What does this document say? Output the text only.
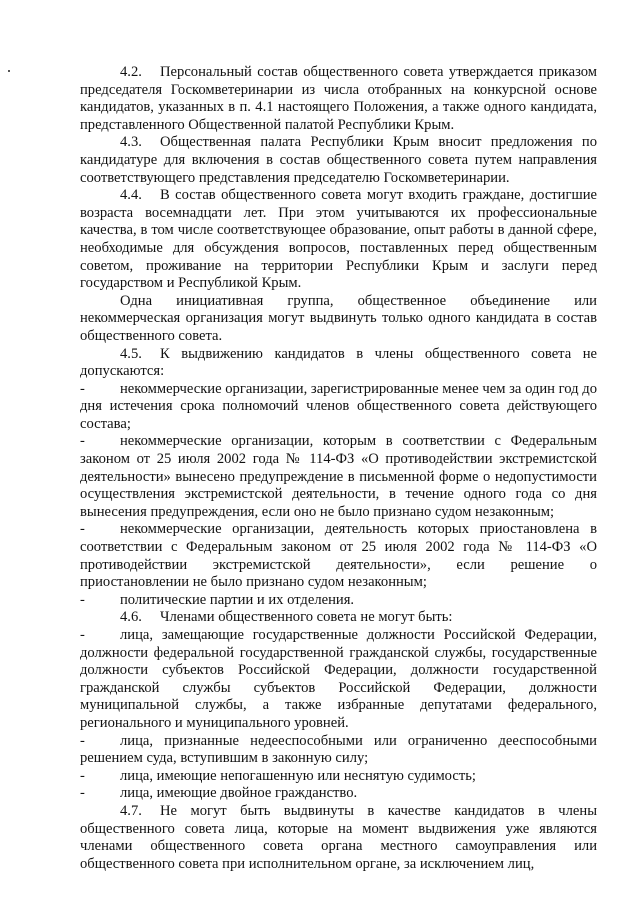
4.2. Персональный состав общественного совета утверждается приказом председателя Госкомветеринарии из числа отобранных на конкурсной основе кандидатов, указанных в п. 4.1 настоящего Положения, а также одного кандидата, представленного Общественной палатой Республики Крым.

4.3. Общественная палата Республики Крым вносит предложения по кандидатуре для включения в состав общественного совета путем направления соответствующего представления председателю Госкомветеринарии.

4.4. В состав общественного совета могут входить граждане, достигшие возраста восемнадцати лет. При этом учитываются их профессиональные качества, в том числе соответствующее образование, опыт работы в данной сфере, необходимые для обсуждения вопросов, поставленных перед общественным советом, проживание на территории Республики Крым и заслуги перед государством и Республикой Крым.

Одна инициативная группа, общественное объединение или некоммерческая организация могут выдвинуть только одного кандидата в состав общественного совета.

4.5. К выдвижению кандидатов в члены общественного совета не допускаются:

- некоммерческие организации, зарегистрированные менее чем за один год до дня истечения срока полномочий членов общественного совета действующего состава;

- некоммерческие организации, которым в соответствии с Федеральным законом от 25 июля 2002 года № 114-ФЗ «О противодействии экстремистской деятельности» вынесено предупреждение в письменной форме о недопустимости осуществления экстремистской деятельности, в течение одного года со дня вынесения предупреждения, если оно не было признано судом незаконным;

- некоммерческие организации, деятельность которых приостановлена в соответствии с Федеральным законом от 25 июля 2002 года № 114-ФЗ «О противодействии экстремистской деятельности», если решение о приостановлении не было признано судом незаконным;

- политические партии и их отделения.

4.6. Членами общественного совета не могут быть:

- лица, замещающие государственные должности Российской Федерации, должности федеральной государственной гражданской службы, государственные должности субъектов Российской Федерации, должности государственной гражданской службы субъектов Российской Федерации, должности муниципальной службы, а также избранные депутатами федерального, регионального и муниципального уровней.

- лица, признанные недееспособными или ограниченно дееспособными решением суда, вступившим в законную силу;

- лица, имеющие непогашенную или неснятую судимость;

- лица, имеющие двойное гражданство.

4.7. Не могут быть выдвинуты в качестве кандидатов в члены общественного совета лица, которые на момент выдвижения уже являются членами общественного совета органа местного самоуправления или общественного совета при исполнительном органе, за исключением лиц,
